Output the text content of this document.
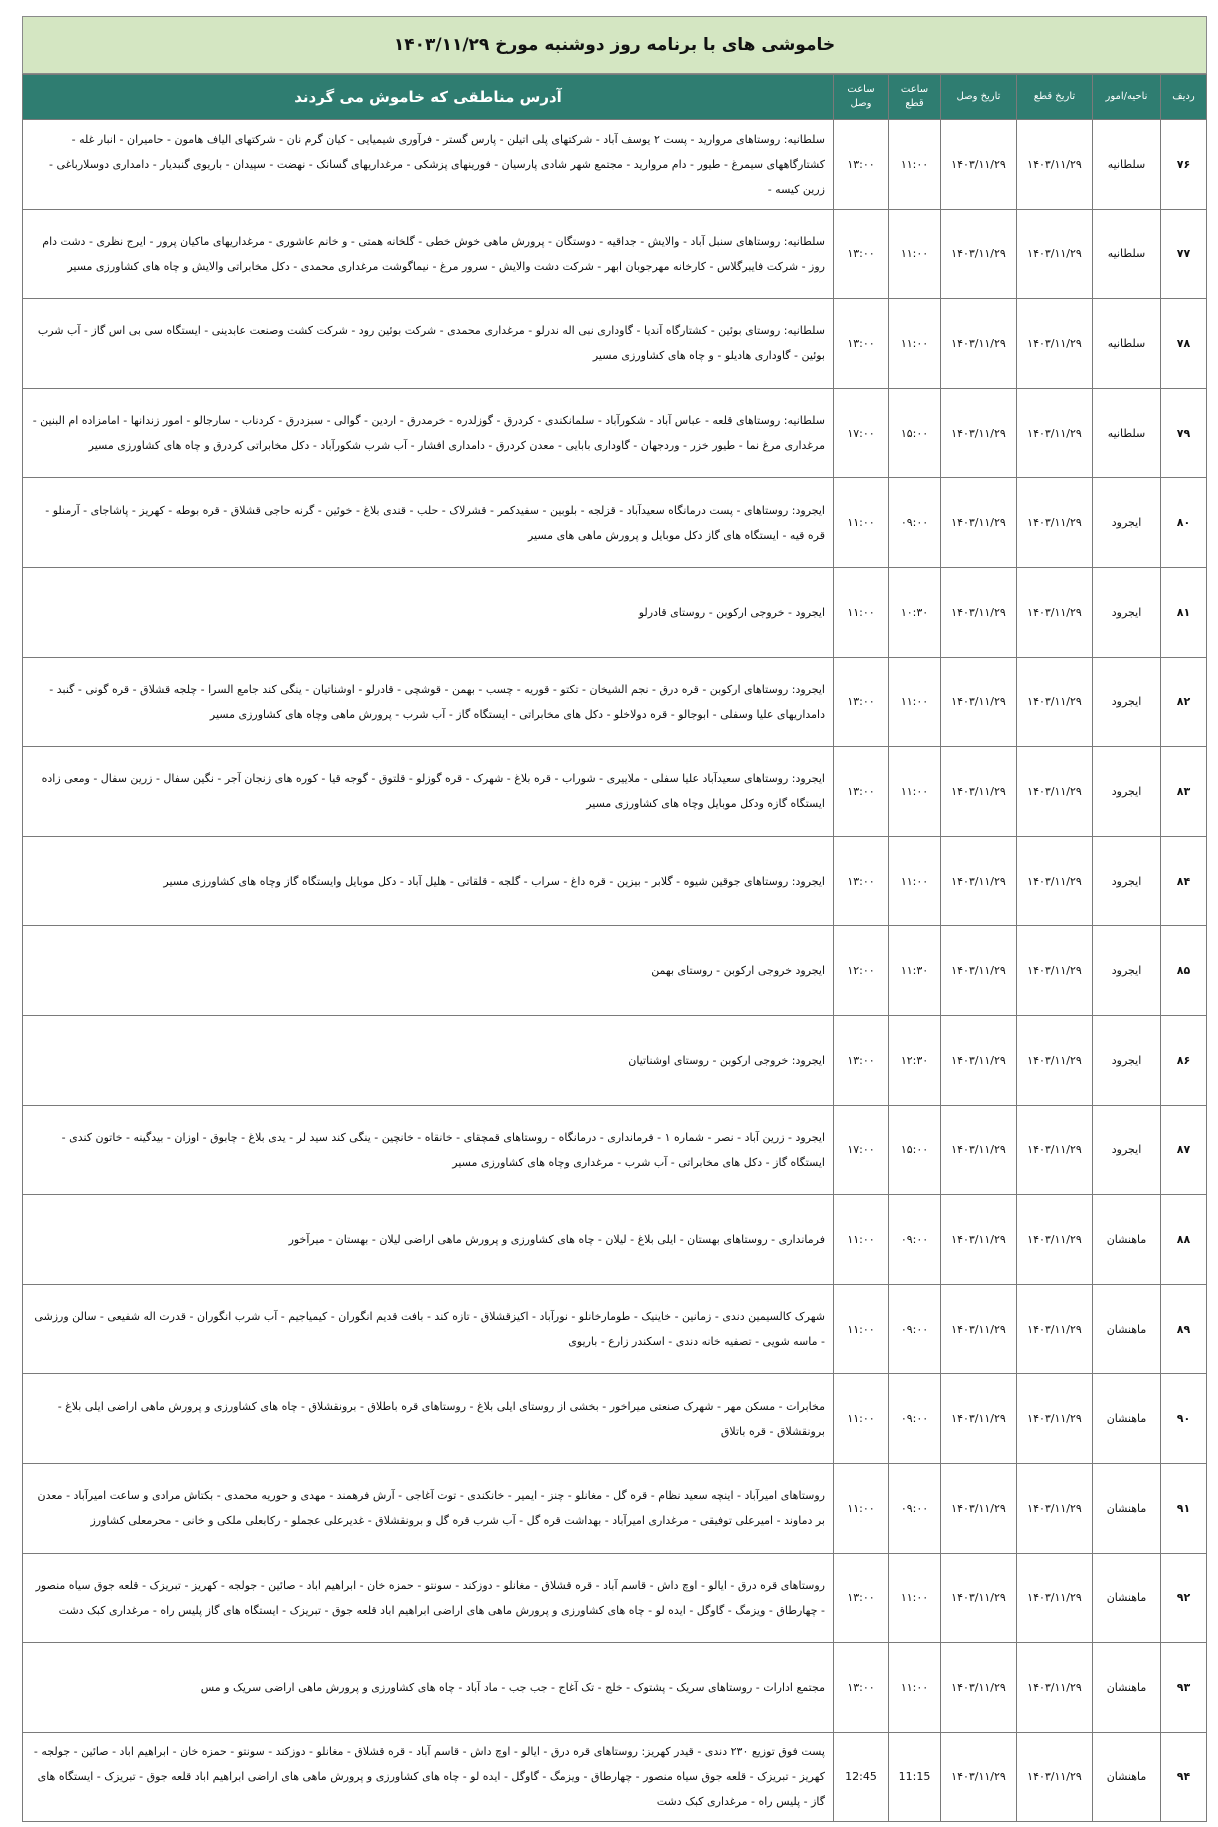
خاموشی های با برنامه روز دوشنبه مورخ ۱۴۰۳/۱۱/۲۹
ردیف	ناحیه/امور	تاریخ قطع	تاریخ وصل	ساعت قطع	ساعت وصل	آدرس مناطقی که خاموش می گردند
۷۶	سلطانیه	۱۴۰۳/۱۱/۲۹	۱۴۰۳/۱۱/۲۹	۱۱:۰۰	۱۳:۰۰	سلطانیه: روستاهای مروارید - پست ۲ یوسف آباد - شرکتهای پلی اتیلن - پارس گستر - فرآوری شیمیایی - کیان گرم نان - شرکتهای الیاف هامون - حامیران - انبار غله - کشتارگاههای سیمرغ - طیور - دام مروارید - مجتمع شهر شادی پارسیان - فورینهای پزشکی - مرغداریهای گسانک - نهضت - سپیدان - باریوی گنبدیار - دامداری دوسلارباغی - زرین کیسه -
۷۷	سلطانیه	۱۴۰۳/۱۱/۲۹	۱۴۰۳/۱۱/۲۹	۱۱:۰۰	۱۳:۰۰	سلطانیه: روستاهای سنبل آباد - والایش - جداقیه - دوستگان - پرورش ماهی خوش خطی - گلخانه همتی - و خانم عاشوری - مرغداریهای ماکیان پرور - ایرج نظری - دشت دام روز - شرکت فایبرگلاس - کارخانه مهرجوبان ابهر - شرکت دشت والایش - سرور مرغ - نیماگوشت مرغداری محمدی - دکل مخابراتی والایش و چاه های کشاورزی مسیر
۷۸	سلطانیه	۱۴۰۳/۱۱/۲۹	۱۴۰۳/۱۱/۲۹	۱۱:۰۰	۱۳:۰۰	سلطانیه: روستای بوئین - کشتارگاه آندیا - گاوداری نبی اله ندرلو - مرغداری محمدی - شرکت بوئین رود - شرکت کشت وصنعت عابدینی - ایستگاه سی بی اس گاز - آب شرب بوئین - گاوداری هادیلو - و چاه های کشاورزی مسیر
۷۹	سلطانیه	۱۴۰۳/۱۱/۲۹	۱۴۰۳/۱۱/۲۹	۱۵:۰۰	۱۷:۰۰	سلطانیه: روستاهای قلعه - عباس آباد - شکورآباد - سلمانکندی - کردرق - گوزلدره - خرمدرق - اردین - گوالی - سبزدرق - کردناب - سارجالو - امور زندانها - امامزاده ام البنین - مرغداری مرغ نما - طیور خزر - وردجهان - گاوداری بابایی - معدن کردرق - دامداری افشار - آب شرب شکورآباد - دکل مخابراتی کردرق و چاه های کشاورزی مسیر
۸۰	ایجرود	۱۴۰۳/۱۱/۲۹	۱۴۰۳/۱۱/۲۹	۰۹:۰۰	۱۱:۰۰	ایجرود: روستاهای - پست درمانگاه سعیدآباد - قزلجه - بلوبین - سفیدکمر - قشرلاک - حلب - قندی بلاغ - خوئین - گرنه حاجی قشلاق - قره بوطه - کهریز - پاشاجای - آرمنلو - قره قیه - ایستگاه های گاز دکل موبایل و پرورش ماهی های مسیر
۸۱	ایجرود	۱۴۰۳/۱۱/۲۹	۱۴۰۳/۱۱/۲۹	۱۰:۳۰	۱۱:۰۰	ایجرود - خروجی ارکوبن - روستای قادرلو
۸۲	ایجرود	۱۴۰۳/۱۱/۲۹	۱۴۰۳/۱۱/۲۹	۱۱:۰۰	۱۳:۰۰	ایجرود: روستاهای ارکوبن - قره درق - نجم الشیخان - تکتو - قوریه - چسب - بهمن - قوشچی - قادرلو - اوشناتیان - ینگی کند جامع السرا - چلجه قشلاق - قره گونی - گنبد - دامداریهای علیا وسفلی - ابوجالو - قره دولاخلو - دکل های مخابراتی - ایستگاه گاز - آب شرب - پرورش ماهی وچاه های کشاورزی مسیر
۸۳	ایجرود	۱۴۰۳/۱۱/۲۹	۱۴۰۳/۱۱/۲۹	۱۱:۰۰	۱۳:۰۰	ایجرود: روستاهای سعیدآباد علیا سفلی - ملاییری - شوراب - قره بلاغ - شهرک - قره گوزلو - قلتوق - گوجه قیا - کوره های زنجان آجر - نگین سفال - زرین سفال - ومعی زاده ایستگاه گازه ودکل موبایل وچاه های کشاورزی مسیر
۸۴	ایجرود	۱۴۰۳/۱۱/۲۹	۱۴۰۳/۱۱/۲۹	۱۱:۰۰	۱۳:۰۰	ایجرود: روستاهای جوقین شیوه - گلابر - بیزین - قره داغ - سراب - گلجه - قلقاتی - هلیل آباد - دکل موبایل وایستگاه گاز وچاه های کشاورزی مسیر
۸۵	ایجرود	۱۴۰۳/۱۱/۲۹	۱۴۰۳/۱۱/۲۹	۱۱:۳۰	۱۲:۰۰	ایجرود خروجی ارکوبن - روستای بهمن
۸۶	ایجرود	۱۴۰۳/۱۱/۲۹	۱۴۰۳/۱۱/۲۹	۱۲:۳۰	۱۳:۰۰	ایجرود: خروجی ارکوبن - روستای اوشناتیان
۸۷	ایجرود	۱۴۰۳/۱۱/۲۹	۱۴۰۳/۱۱/۲۹	۱۵:۰۰	۱۷:۰۰	ایجرود - زرین آباد - نصر - شماره ۱ - فرمانداری - درمانگاه - روستاهای قمچقای - خانقاه - خانچین - ینگی کند سید لر - یدی بلاغ - چابوق - اوزان - بیدگینه - خاتون کندی - ایستگاه گاز - دکل های مخابراتی - آب شرب - مرغداری وچاه های کشاورزی مسیر
۸۸	ماهنشان	۱۴۰۳/۱۱/۲۹	۱۴۰۳/۱۱/۲۹	۰۹:۰۰	۱۱:۰۰	فرمانداری - روستاهای بهستان - ایلی بلاغ - لیلان - چاه های کشاورزی و پرورش ماهی اراضی لیلان - بهستان - میرآخور
۸۹	ماهنشان	۱۴۰۳/۱۱/۲۹	۱۴۰۳/۱۱/۲۹	۰۹:۰۰	۱۱:۰۰	شهرک کالسیمین دندی - زمانین - خاینیک - طومارخانلو - نورآباد - اکیزقشلاق - تازه کند - بافت قدیم انگوران - کیمیاجیم - آب شرب انگوران - قدرت اله شفیعی - سالن ورزشی - ماسه شویی - تصفیه خانه دندی - اسکندر زارع - باریوی
۹۰	ماهنشان	۱۴۰۳/۱۱/۲۹	۱۴۰۳/۱۱/۲۹	۰۹:۰۰	۱۱:۰۰	مخابرات - مسکن مهر - شهرک صنعتی میراخور - بخشی از روستای ایلی بلاغ - روستاهای قره باطلاق - برونقشلاق - چاه های کشاورزی و پرورش ماهی اراضی ایلی بلاغ - برونقشلاق - قره باتلاق
۹۱	ماهنشان	۱۴۰۳/۱۱/۲۹	۱۴۰۳/۱۱/۲۹	۰۹:۰۰	۱۱:۰۰	روستاهای امیرآباد - اینچه سعید نظام - قره گل - مغانلو - چنز - ایمیر - خانکندی - توت آغاجی - آرش فرهمند - مهدی و حوریه محمدی - بکتاش مرادی و ساعت امیرآباد - معدن بر دماوند - امیرعلی توفیقی - مرغداری امیرآباد - بهداشت قره گل - آب شرب قره گل و برونقشلاق - غدیرعلی عجملو - رکابعلی ملکی و خانی - محرمعلی کشاورز
۹۲	ماهنشان	۱۴۰۳/۱۱/۲۹	۱۴۰۳/۱۱/۲۹	۱۱:۰۰	۱۳:۰۰	روستاهای قره درق - ایالو - اوچ داش - قاسم آباد - قره قشلاق - مغانلو - دوزکند - سونتو - حمزه خان - ابراهیم اباد - صائین - جولجه - کهریز - تبریزک - قلعه جوق سیاه منصور - چهارطاق - ویزمگ - گاوگل - ایده لو - چاه های کشاورزی و پرورش ماهی های اراضی ابراهیم اباد قلعه جوق - تبریزک - ایستگاه های گاز پلیس راه - مرغداری کبک دشت
۹۳	ماهنشان	۱۴۰۳/۱۱/۲۹	۱۴۰۳/۱۱/۲۹	۱۱:۰۰	۱۳:۰۰	مجتمع ادارات - روستاهای سریک - پشتوک - خلج - تک آغاج - جب جب - ماد آباد - چاه های کشاورزی و پرورش ماهی اراضی سریک و مس
۹۴	ماهنشان	۱۴۰۳/۱۱/۲۹	۱۴۰۳/۱۱/۲۹	11:15	12:45	پست فوق توزیع ۲۳۰ دندی - قیدر کهریز: روستاهای قره درق - ایالو - اوچ داش - قاسم آباد - قره قشلاق - مغانلو - دوزکند - سونتو - حمزه خان - ابراهیم اباد - صائین - جولجه - کهریز - تبریزک - قلعه جوق سیاه منصور - چهارطاق - ویزمگ - گاوگل - ایده لو - چاه های کشاورزی و پرورش ماهی های اراضی ابراهیم اباد قلعه جوق - تبریزک - ایستگاه های گاز - پلیس راه - مرغداری کبک دشت
